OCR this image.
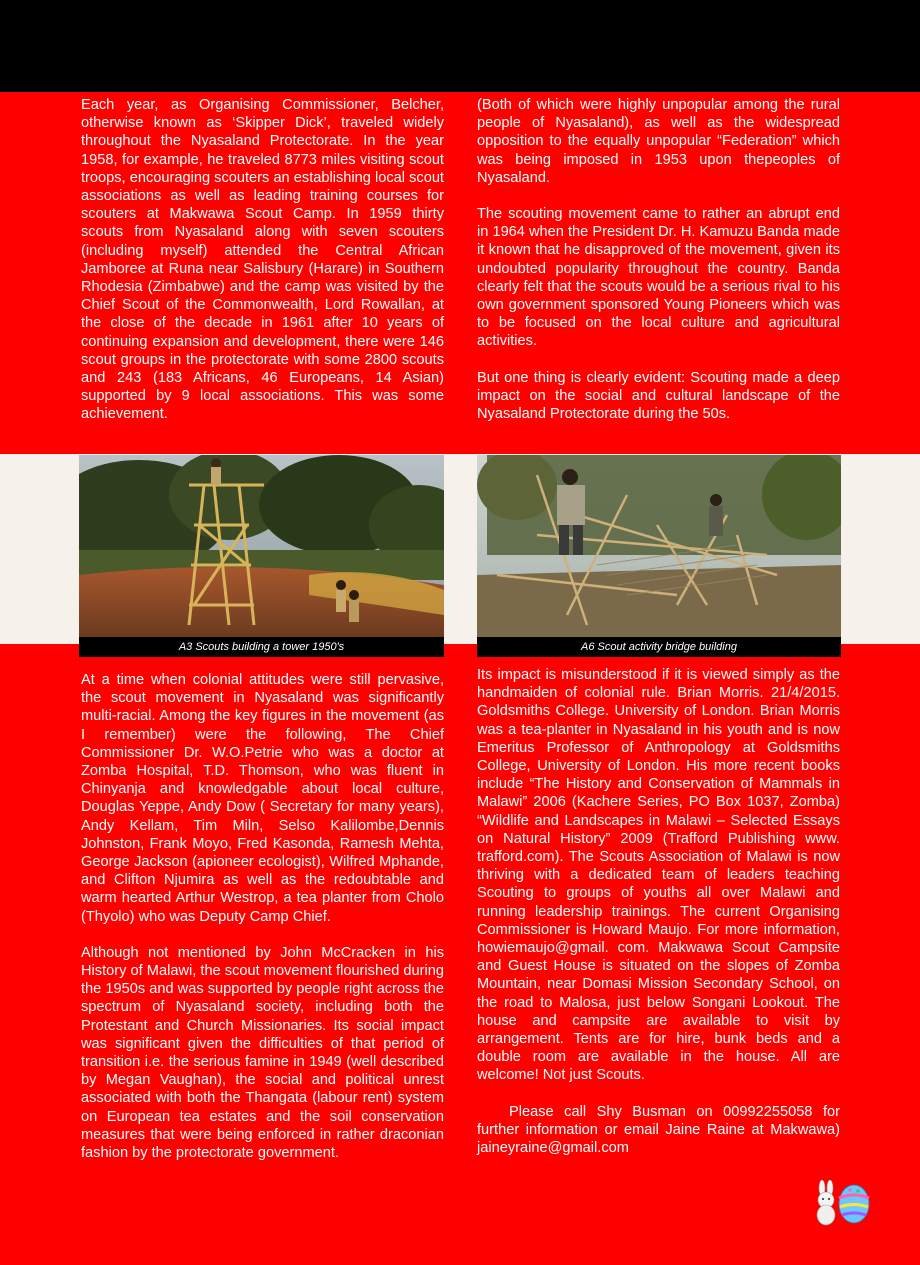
Each year, as Organising Commissioner, Belcher, otherwise known as ‘Skipper Dick’, traveled widely throughout the Nyasaland Protectorate. In the year 1958, for example, he traveled 8773 miles visiting scout troops, encouraging scouters an establishing local scout associations as well as leading training courses for scouters at Makwawa Scout Camp. In 1959 thirty scouts from Nyasaland along with seven scouters (including myself) attended the Central African Jamboree at Runa near Salisbury (Harare) in Southern Rhodesia (Zimbabwe) and the camp was visited by the Chief Scout of the Commonwealth, Lord Rowallan, at the close of the decade in 1961 after 10 years of continuing expansion and development, there were 146 scout groups in the protectorate with some 2800 scouts and 243 (183 Africans, 46 Europeans, 14 Asian) supported by 9 local associations. This was some achievement.

(Both of which were highly unpopular among the rural people of Nyasaland), as well as the widespread opposition to the equally unpopular “Federation” which was being imposed in 1953 upon thepeoples of Nyasaland.

The scouting movement came to rather an abrupt end in 1964 when the President Dr. H. Kamuzu Banda made it known that he disapproved of the movement, given its undoubted popularity throughout the country. Banda clearly felt that the scouts would be a serious rival to his own government sponsored Young Pioneers which was to be focused on the local culture and agricultural activities.

But one thing is clearly evident: Scouting made a deep impact on the social and cultural landscape of the Nyasaland Protectorate during the 50s.

A3 Scouts building a tower 1950's	A6 Scout activity bridge building

At a time when colonial attitudes were still pervasive, the scout movement in Nyasaland was significantly multi-racial. Among the key figures in the movement (as I remember) were the following, The Chief Commissioner Dr. W.O.Petrie who was a doctor at Zomba Hospital, T.D. Thomson, who was fluent in Chinyanja and knowledgable about local culture, Douglas Yeppe, Andy Dow ( Secretary for many years), Andy Kellam, Tim Miln, Selso Kalilombe,Dennis Johnston, Frank Moyo, Fred Kasonda, Ramesh Mehta, George Jackson (apioneer ecologist), Wilfred Mphande, and Clifton Njumira as well as the redoubtable and warm hearted Arthur Westrop, a tea planter from Cholo (Thyolo) who was Deputy Camp Chief.

Although not mentioned by John McCracken in his History of Malawi, the scout movement flourished during the 1950s and was supported by people right across the spectrum of Nyasaland society, including both the Protestant and Church Missionaries. Its social impact was significant given the difficulties of that period of transition i.e. the serious famine in 1949 (well described by Megan Vaughan), the social and political unrest associated with both the Thangata (labour rent) system on European tea estates and the soil conservation measures that were being enforced in rather draconian fashion by the protectorate government.

Its impact is misunderstood if it is viewed simply as the handmaiden of colonial rule. Brian Morris. 21/4/2015. Goldsmiths College. University of London. Brian Morris was a tea-planter in Nyasaland in his youth and is now Emeritus Professor of Anthropology at Goldsmiths College, University of London. His more recent books include “The History and Conservation of Mammals in Malawi” 2006 (Kachere Series, PO Box 1037, Zomba) “Wildlife and Landscapes in Malawi – Selected Essays on Natural History” 2009 (Trafford Publishing www. trafford.com). The Scouts Association of Malawi is now thriving with a dedicated team of leaders teaching Scouting to groups of youths all over Malawi and running leadership trainings. The current Organising Commissioner is Howard Maujo. For more information, howiemaujo@gmail. com. Makwawa Scout Campsite and Guest House is situated on the slopes of Zomba Mountain, near Domasi Mission Secondary School, on the road to Malosa, just below Songani Lookout. The house and campsite are available to visit by arrangement. Tents are for hire, bunk beds and a double room are available in the house. All are welcome! Not just Scouts.

Please call Shy Busman on 00992255058 for further information or email Jaine Raine at Makwawa) jaineyraine@gmail.com
